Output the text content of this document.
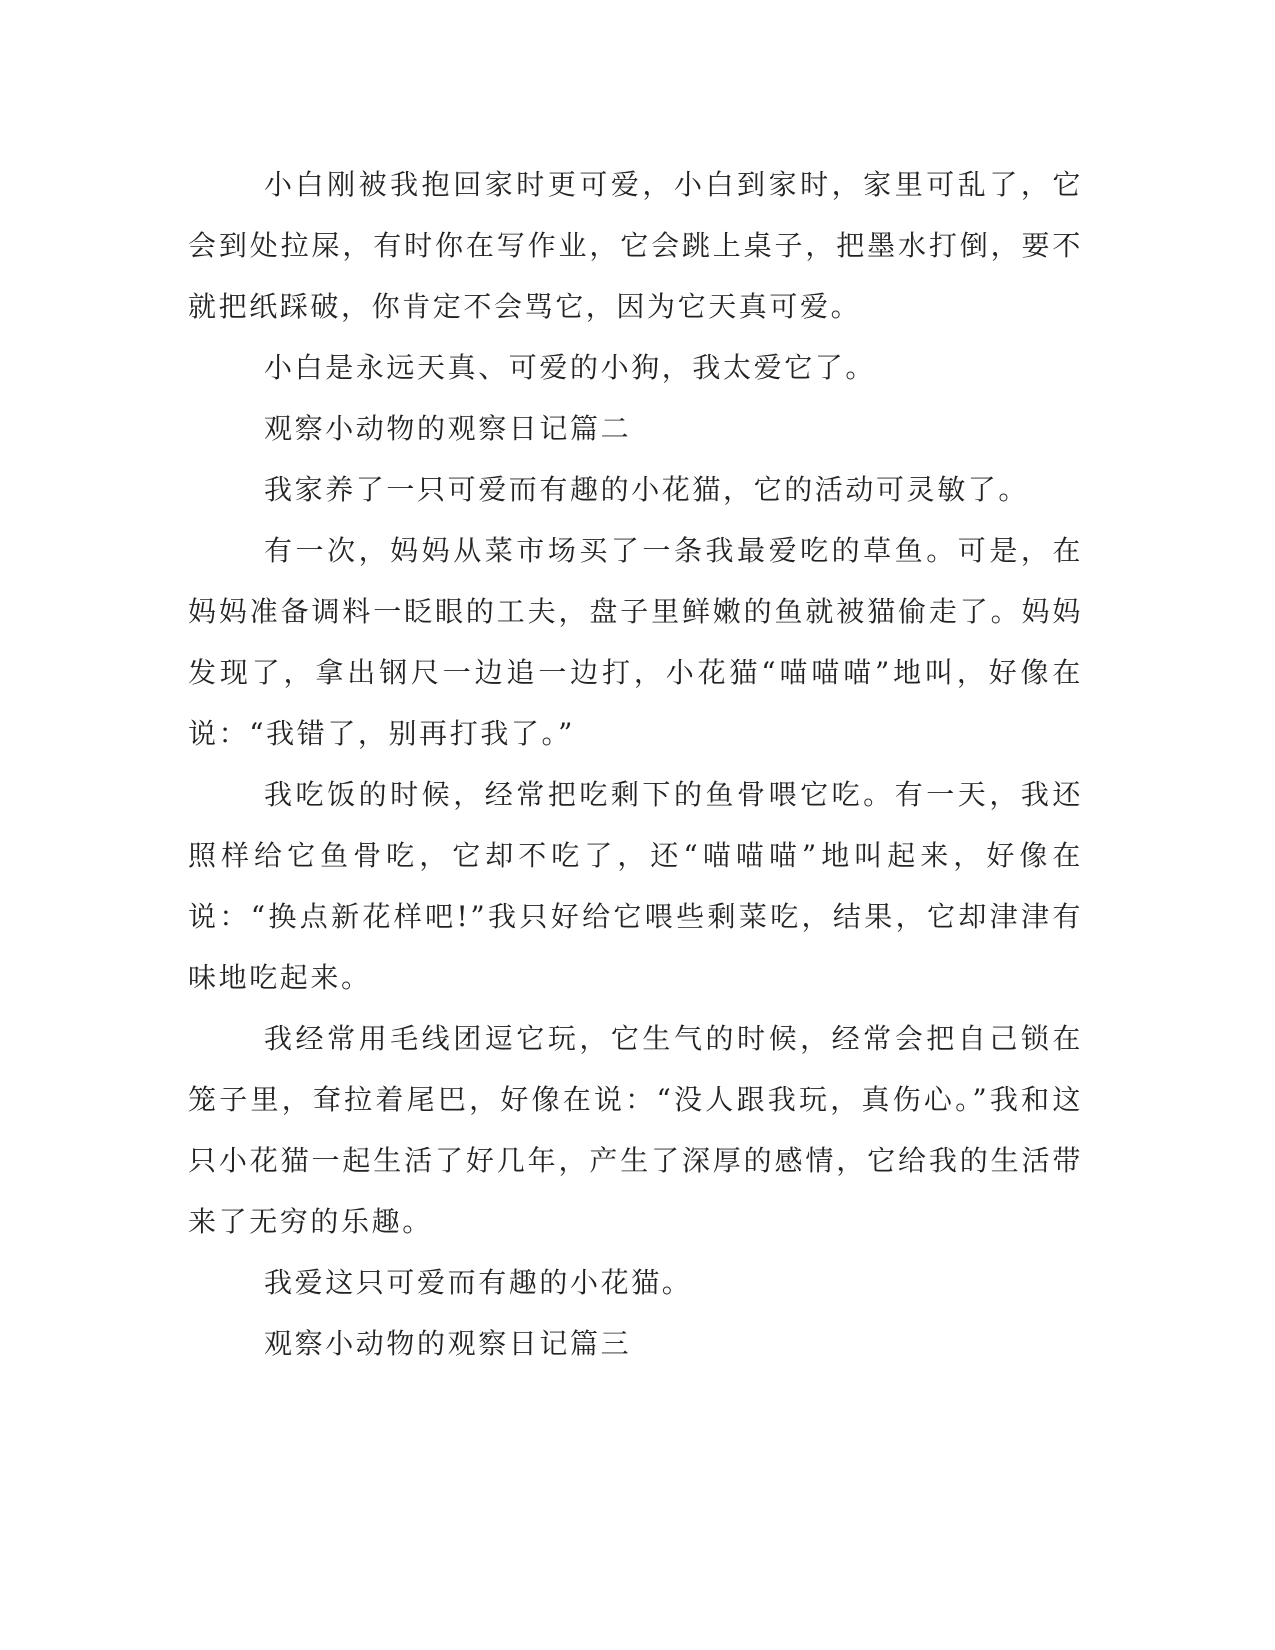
小白刚被我抱回家时更可爱，小白到家时，家里可乱了，它会到处拉屎，有时你在写作业，它会跳上桌子，把墨水打倒，要不就把纸踩破，你肯定不会骂它，因为它天真可爱。

小白是永远天真、可爱的小狗，我太爱它了。

观察小动物的观察日记篇二

我家养了一只可爱而有趣的小花猫，它的活动可灵敏了。

有一次，妈妈从菜市场买了一条我最爱吃的草鱼。可是，在妈妈准备调料一眨眼的工夫，盘子里鲜嫩的鱼就被猫偷走了。妈妈发现了，拿出钢尺一边追一边打，小花猫“喵喵喵”地叫，好像在说：“我错了，别再打我了。”

我吃饭的时候，经常把吃剩下的鱼骨喂它吃。有一天，我还照样给它鱼骨吃，它却不吃了，还“喵喵喵”地叫起来，好像在说：“换点新花样吧!”我只好给它喂些剩菜吃，结果，它却津津有味地吃起来。

我经常用毛线团逗它玩，它生气的时候，经常会把自己锁在笼子里，耷拉着尾巴，好像在说：“没人跟我玩，真伤心。”我和这只小花猫一起生活了好几年，产生了深厚的感情，它给我的生活带来了无穷的乐趣。

我爱这只可爱而有趣的小花猫。

观察小动物的观察日记篇三
